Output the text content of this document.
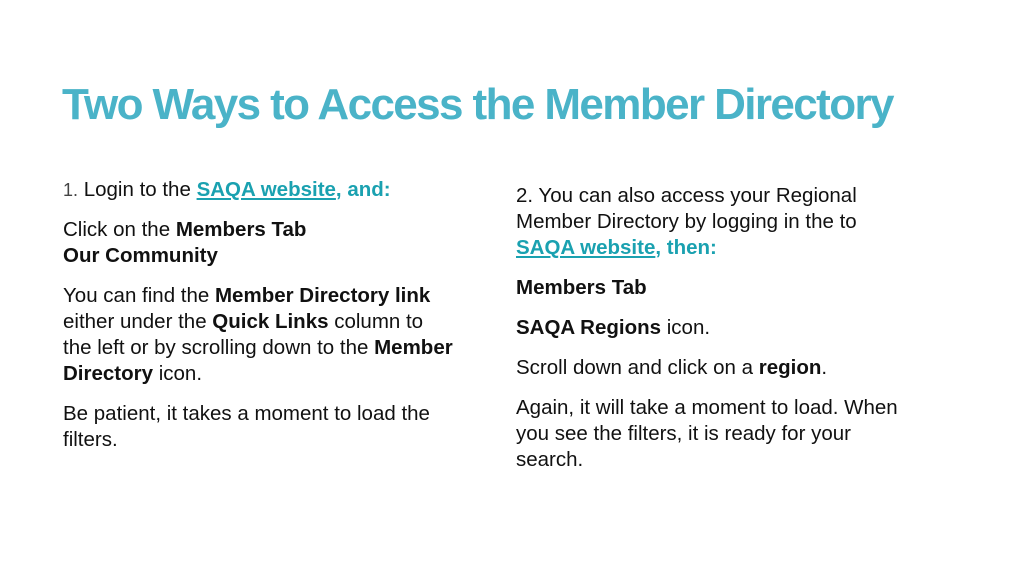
Two Ways to Access the Member Directory

1. Login to the SAQA website, and:

Click on the Members Tab
Our Community

You can find the Member Directory link either under the Quick Links column to the left or by scrolling down to the Member Directory icon.

Be patient, it takes a moment to load the filters.

2. You can also access your Regional Member Directory by logging in the to SAQA website, then:

Members Tab

SAQA Regions icon.

Scroll down and click on a region.

Again, it will take a moment to load. When you see the filters, it is ready for your search.
